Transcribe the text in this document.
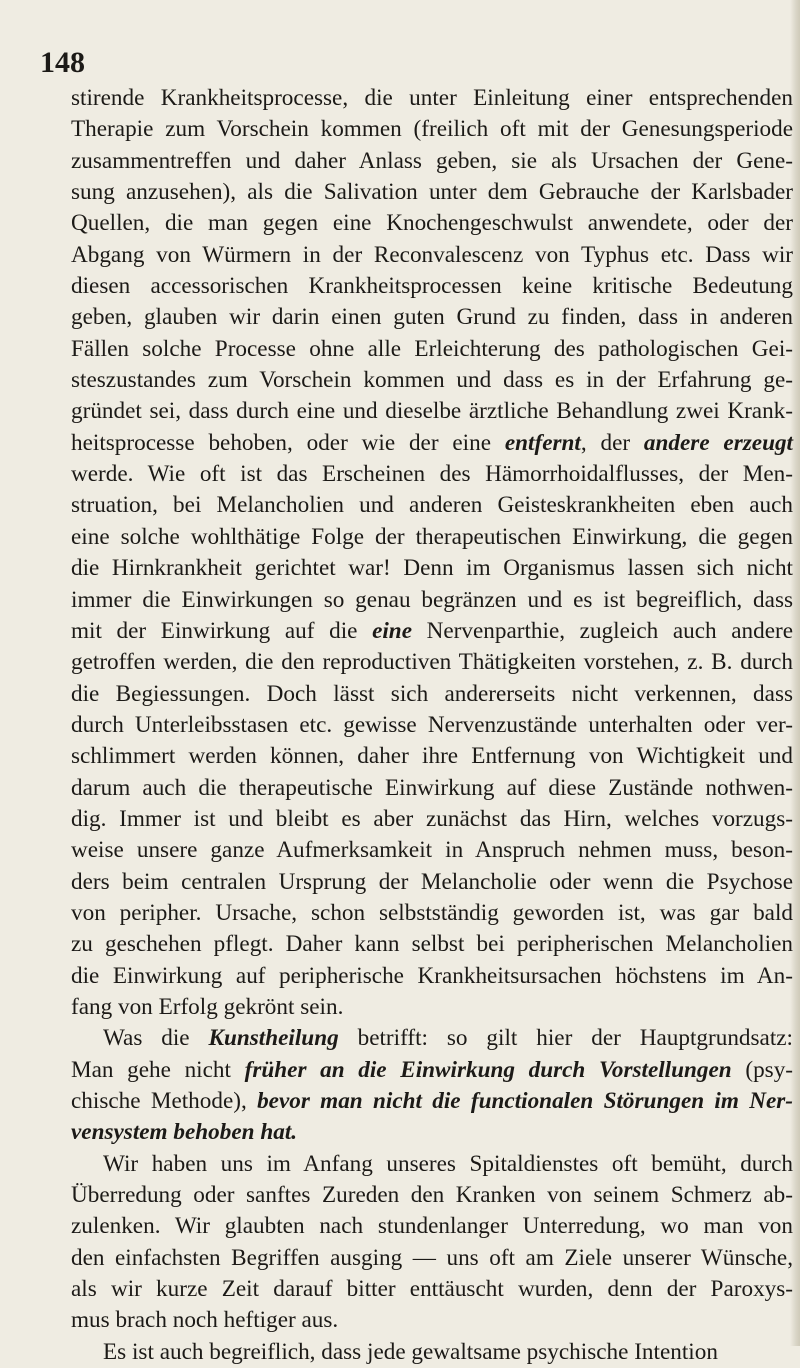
148
stirende Krankheitsprocesse, die unter Einleitung einer entsprechenden
Therapie zum Vorschein kommen (freilich oft mit der Genesungsperiode
zusammentreffen und daher Anlass geben, sie als Ursachen der Gene-
sung anzusehen), als die Salivation unter dem Gebrauche der Karlsbader
Quellen, die man gegen eine Knochengeschwulst anwendete, oder der
Abgang von Würmern in der Reconvalescenz von Typhus etc. Dass wir
diesen accessorischen Krankheitsprocessen keine kritische Bedeutung
geben, glauben wir darin einen guten Grund zu finden, dass in anderen
Fällen solche Processe ohne alle Erleichterung des pathologischen Gei-
steszustandes zum Vorschein kommen und dass es in der Erfahrung ge-
gründet sei, dass durch eine und dieselbe ärztliche Behandlung zwei Krank-
heitsprocesse behoben, oder wie der eine entfernt, der andere erzeugt
werde. Wie oft ist das Erscheinen des Hämorrhoidalflusses, der Men-
struation, bei Melancholien und anderen Geisteskrankheiten eben auch
eine solche wohlthätige Folge der therapeutischen Einwirkung, die gegen
die Hirnkrankheit gerichtet war! Denn im Organismus lassen sich nicht
immer die Einwirkungen so genau begränzen und es ist begreiflich, dass
mit der Einwirkung auf die eine Nervenparthie, zugleich auch andere
getroffen werden, die den reproductiven Thätigkeiten vorstehen, z. B. durch
die Begiessungen. Doch lässt sich andererseits nicht verkennen, dass
durch Unterleibsstasen etc. gewisse Nervenzustände unterhalten oder ver-
schlimmert werden können, daher ihre Entfernung von Wichtigkeit und
darum auch die therapeutische Einwirkung auf diese Zustände nothwen-
dig. Immer ist und bleibt es aber zunächst das Hirn, welches vorzugs-
weise unsere ganze Aufmerksamkeit in Anspruch nehmen muss, beson-
ders beim centralen Ursprung der Melancholie oder wenn die Psychose
von peripher. Ursache, schon selbstständig geworden ist, was gar bald
zu geschehen pflegt. Daher kann selbst bei peripherischen Melancholien
die Einwirkung auf peripherische Krankheitsursachen höchstens im An-
fang von Erfolg gekrönt sein.
Was die Kunstheilung betrifft: so gilt hier der Hauptgrundsatz:
Man gehe nicht früher an die Einwirkung durch Vorstellungen (psy-
chische Methode), bevor man nicht die functionalen Störungen im Ner-
vensystem behoben hat.
Wir haben uns im Anfang unseres Spitaldienstes oft bemüht, durch
Überredung oder sanftes Zureden den Kranken von seinem Schmerz ab-
zulenken. Wir glaubten nach stundenlanger Unterredung, wo man von
den einfachsten Begriffen ausging — uns oft am Ziele unserer Wünsche,
als wir kurze Zeit darauf bitter enttäuscht wurden, denn der Paroxys-
mus brach noch heftiger aus.
Es ist auch begreiflich, dass jede gewaltsame psychische Intention
